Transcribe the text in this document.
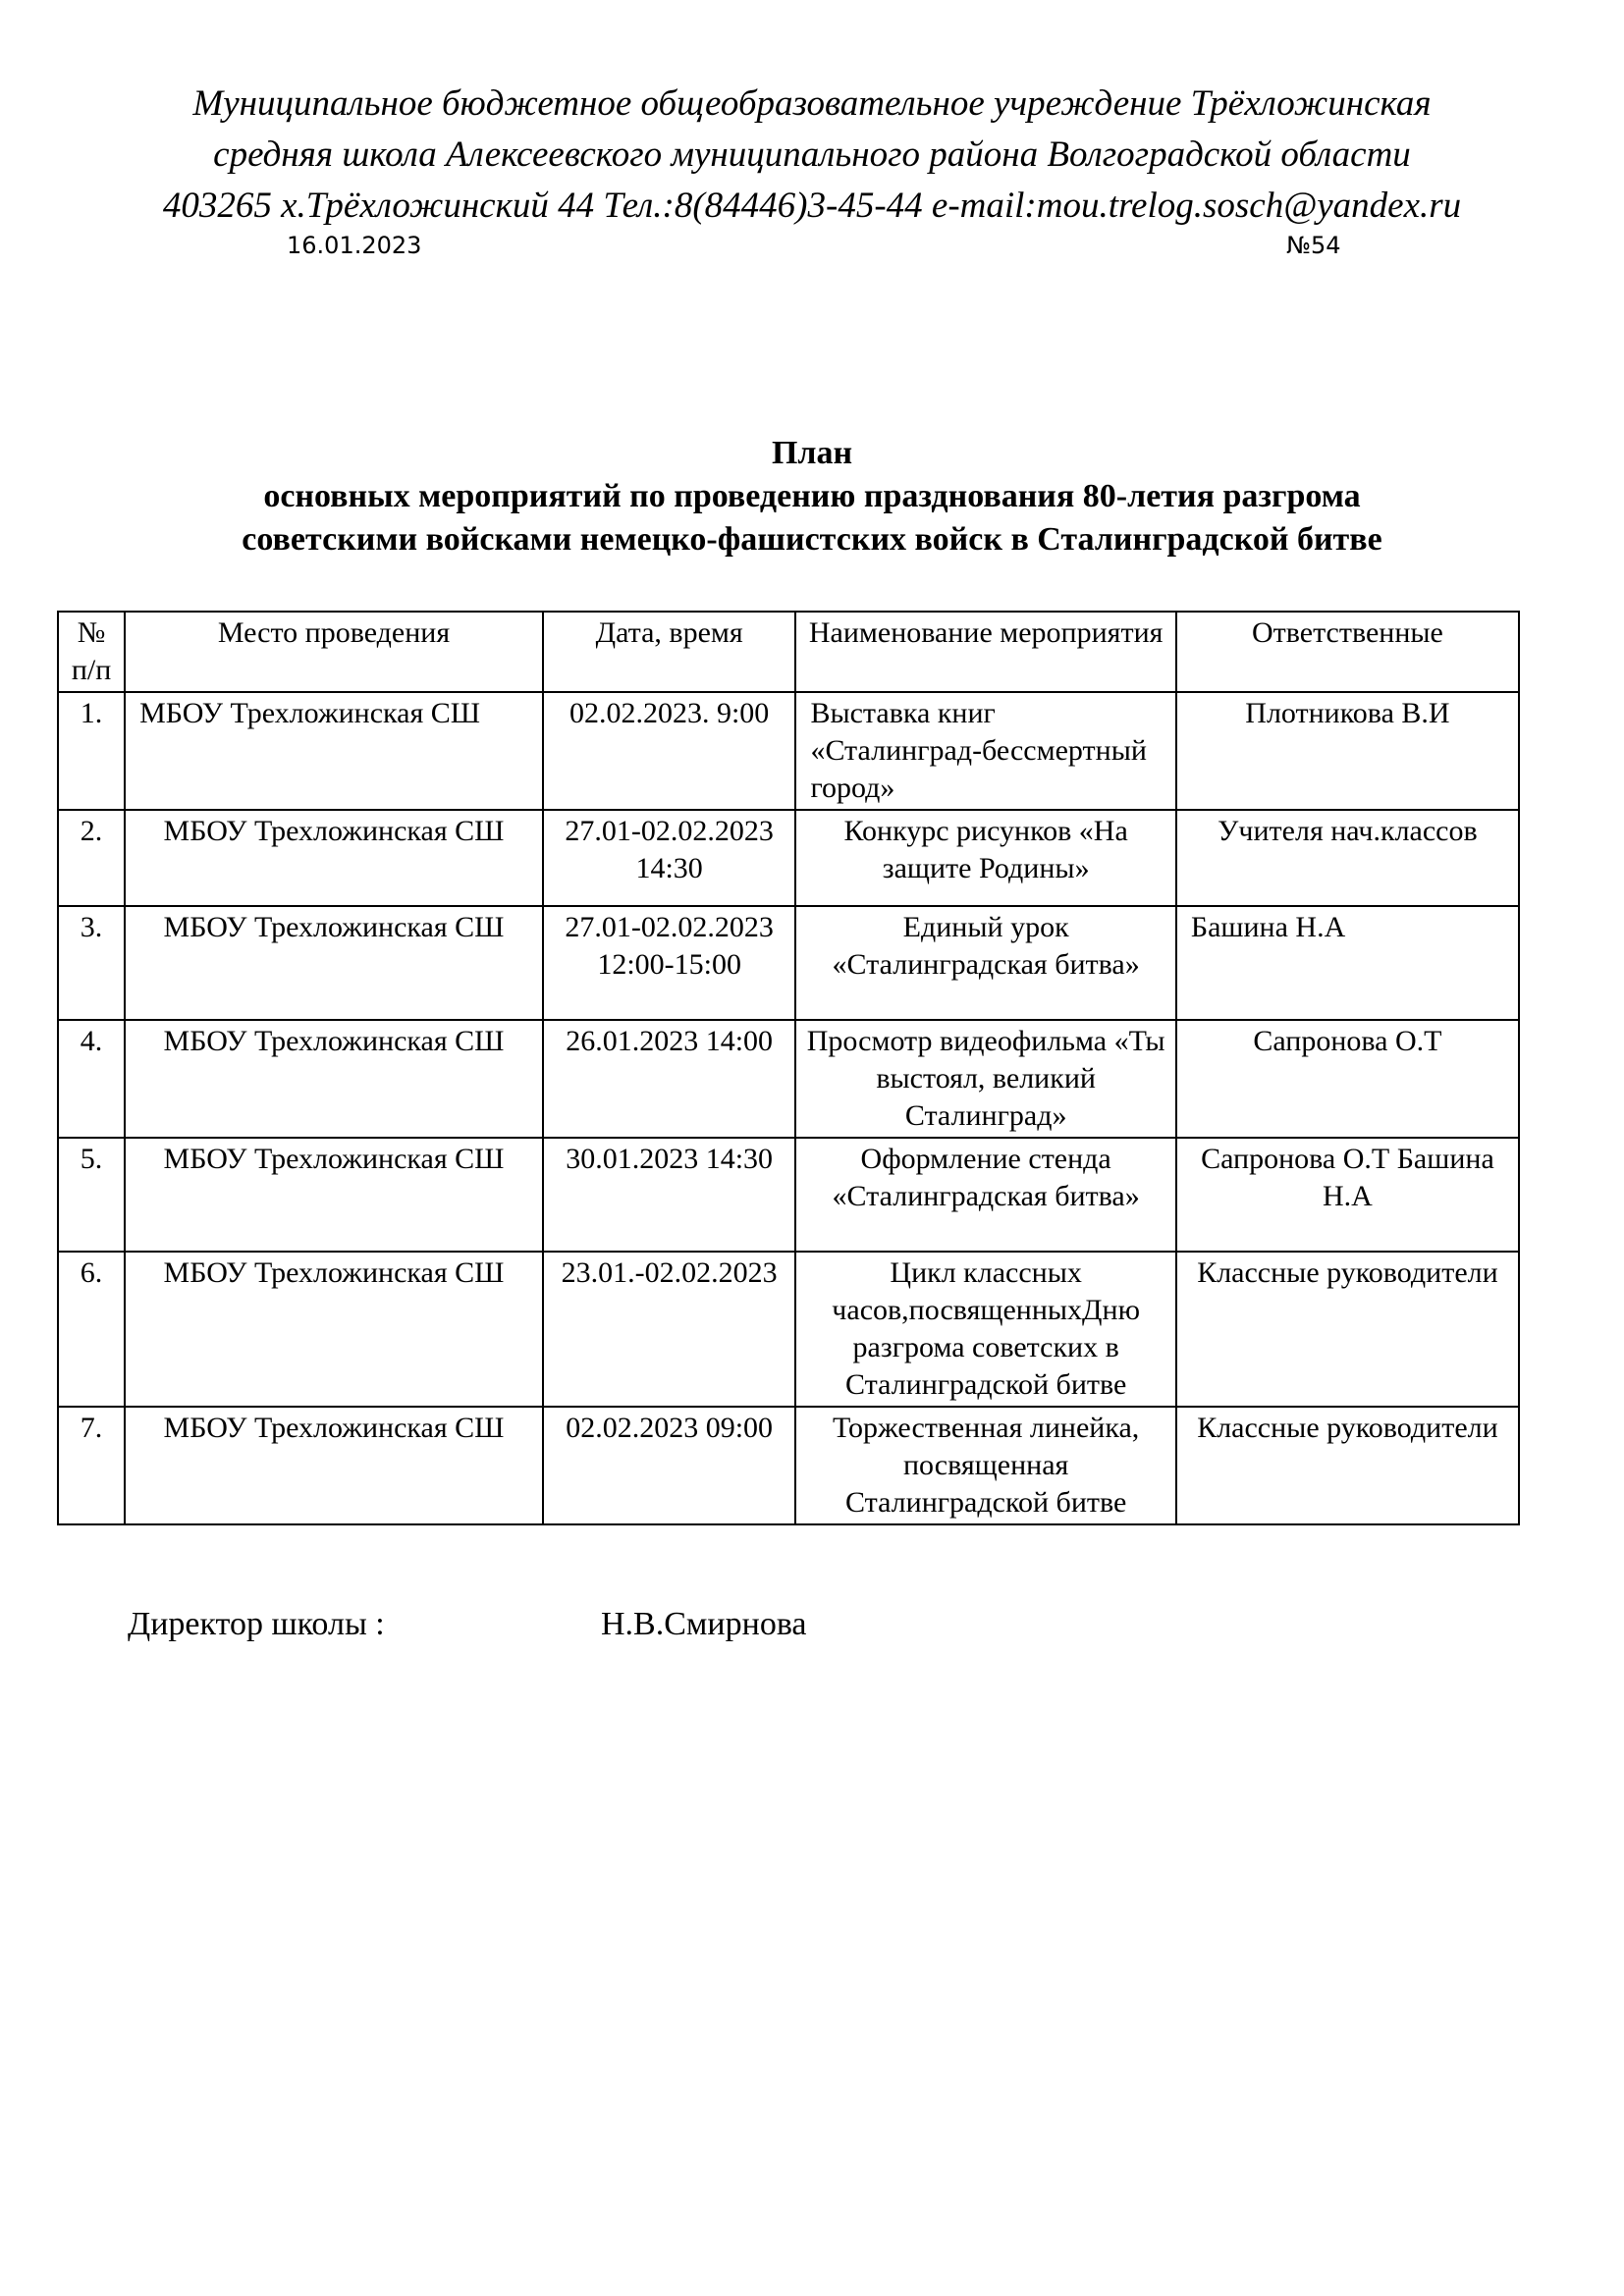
Муниципальное бюджетное общеобразовательное учреждение Трёхложинская
средняя школа Алексеевского муниципального района Волгоградской области
403265 х.Трёхложинский 44 Тел.:8(84446)3-45-44 e-mail:mou.trelog.sosch@yandex.ru
16.01.2023	№54
План
основных мероприятий по проведению празднования 80-летия разгрома
советскими войсками немецко-фашистских войск в Сталинградской битве
№ п/п	Место проведения	Дата, время	Наименование мероприятия	Ответственные
1.	МБОУ Трехложинская СШ	02.02.2023. 9:00	Выставка книг «Сталинград-бессмертный город»	Плотникова В.И
2.	МБОУ Трехложинская СШ	27.01-02.02.2023 14:30	Конкурс рисунков «На защите Родины»	Учителя нач.классов
3.	МБОУ Трехложинская СШ	27.01-02.02.2023 12:00-15:00	Единый урок «Сталинградская битва»	Башина Н.А
4.	МБОУ Трехложинская СШ	26.01.2023 14:00	Просмотр видеофильма «Ты выстоял, великий Сталинград»	Сапронова О.Т
5.	МБОУ Трехложинская СШ	30.01.2023 14:30	Оформление стенда «Сталинградская битва»	Сапронова О.Т Башина Н.А
6.	МБОУ Трехложинская СШ	23.01.-02.02.2023	Цикл классных часов,посвященныхДню разгрома советских в Сталинградской битве	Классные руководители
7.	МБОУ Трехложинская СШ	02.02.2023 09:00	Торжественная линейка, посвященная Сталинградской битве	Классные руководители
Директор школы :	Н.В.Смирнова
